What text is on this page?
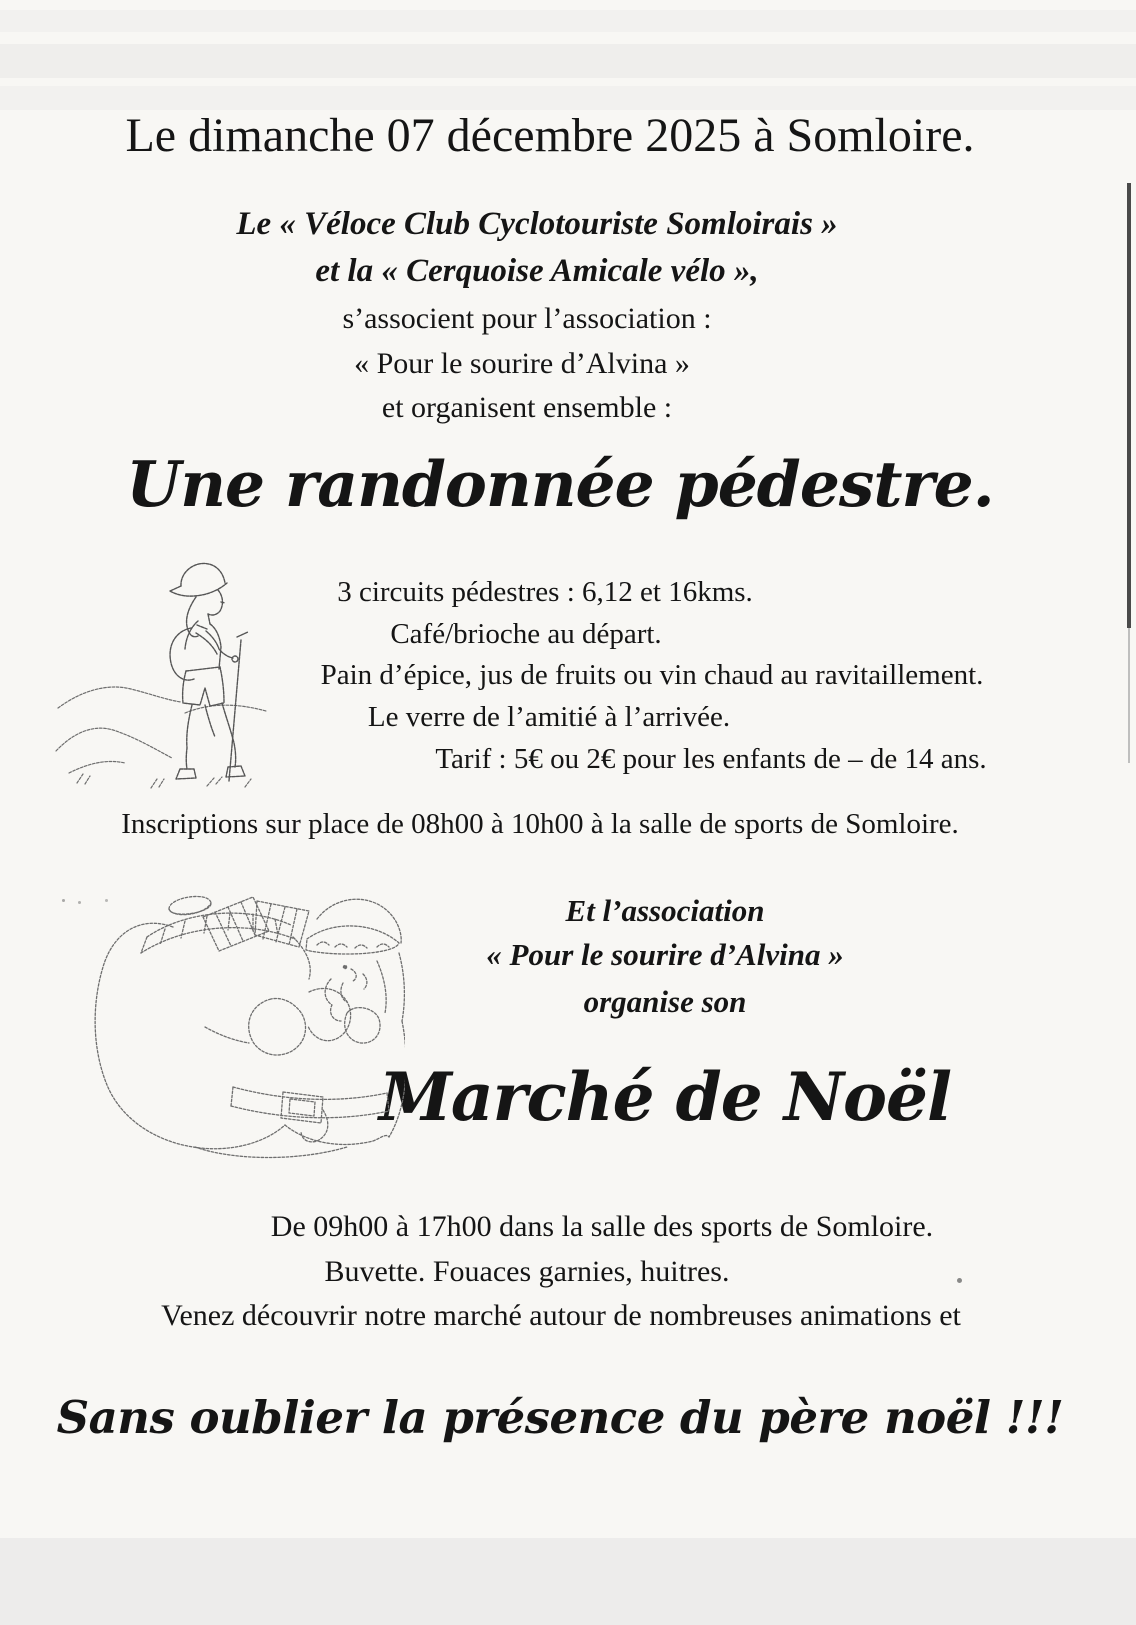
Le dimanche 07 décembre 2025 à Somloire.
Le « Véloce Club Cyclotouriste Somloirais »
et la « Cerquoise Amicale vélo »,
s’associent pour l’association :
« Pour le sourire d’Alvina »
et organisent ensemble :
Une randonnée pédestre.
3 circuits pédestres : 6,12 et 16kms.
Café/brioche au départ.
Pain d’épice, jus de fruits ou vin chaud au ravitaillement.
Le verre de l’amitié à l’arrivée.
Tarif : 5€ ou 2€ pour les enfants de – de 14 ans.
Inscriptions sur place de 08h00 à 10h00 à la salle de sports de Somloire.
Et l’association
« Pour le sourire d’Alvina »
organise son
Marché de Noël
De 09h00 à 17h00 dans la salle des sports de Somloire.
Buvette. Fouaces garnies, huitres.
Venez découvrir notre marché autour de nombreuses animations et
Sans oublier la présence du père noël !!!
